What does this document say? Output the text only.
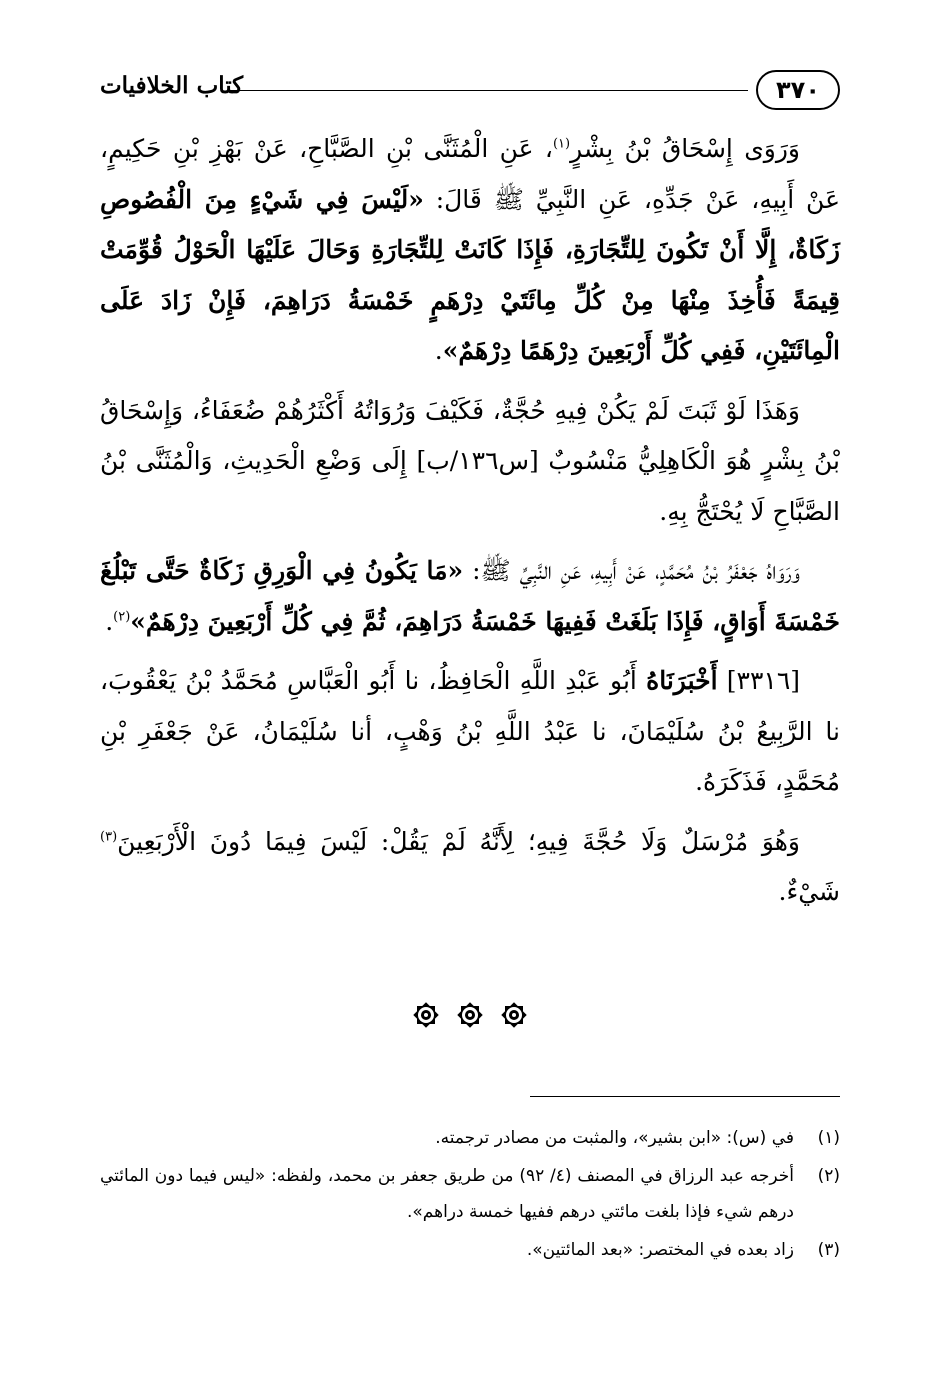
٣٧٠
كتاب الخلافيات

وَرَوَى إِسْحَاقُ بْنُ بِشْرٍ$^{(١)}$، عَنِ الْمُثَنَّى بْنِ الصَّبَّاحِ، عَنْ بَهْزِ بْنِ حَكِيمٍ، عَنْ أَبِيهِ، عَنْ جَدِّهِ، عَنِ النَّبِيِّ ﷺ قَالَ: «لَيْسَ فِي شَيْءٍ مِنَ الْفُصُوصِ زَكَاةٌ، إِلَّا أَنْ تَكُونَ لِلتِّجَارَةِ، فَإِذَا كَانَتْ لِلتِّجَارَةِ وَحَالَ عَلَيْهَا الْحَوْلُ قُوِّمَتْ قِيمَةً فَأُخِذَ مِنْهَا مِنْ كُلِّ مِائَتَيْ دِرْهَمٍ خَمْسَةُ دَرَاهِمَ، فَإِنْ زَادَ عَلَى الْمِائَتَيْنِ، فَفِي كُلِّ أَرْبَعِينَ دِرْهَمًا دِرْهَمٌ».

وَهَذَا لَوْ ثَبَتَ لَمْ يَكُنْ فِيهِ حُجَّةٌ، فَكَيْفَ وَرُوَاتُهُ أَكْثَرُهُمْ ضُعَفَاءُ، وَإِسْحَاقُ بْنُ بِشْرٍ هُوَ الْكَاهِلِيُّ مَنْسُوبٌ [س١٣٦/ب] إِلَى وَضْعِ الْحَدِيثِ، وَالْمُثَنَّى بْنُ الصَّبَّاحِ لَا يُحْتَجُّ بِهِ.

وَرَوَاهُ جَعْفَرُ بْنُ مُحَمَّدٍ، عَنْ أَبِيهِ، عَنِ النَّبِيِّ ﷺ: «مَا يَكُونُ فِي الْوَرِقِ زَكَاةٌ حَتَّى تَبْلُغَ خَمْسَةَ أَوَاقٍ، فَإِذَا بَلَغَتْ فَفِيهَا خَمْسَةُ دَرَاهِمَ، ثُمَّ فِي كُلِّ أَرْبَعِينَ دِرْهَمٌ»$^{(٢)}$.

[٣٣١٦] أَخْبَرَنَاهُ أَبُو عَبْدِ اللَّهِ الْحَافِظُ، نا أَبُو الْعَبَّاسِ مُحَمَّدُ بْنُ يَعْقُوبَ، نا الرَّبِيعُ بْنُ سُلَيْمَانَ، نا عَبْدُ اللَّهِ بْنُ وَهْبٍ، أنا سُلَيْمَانُ، عَنْ جَعْفَرِ بْنِ مُحَمَّدٍ، فَذَكَرَهُ.

وَهُوَ مُرْسَلٌ وَلَا حُجَّةَ فِيهِ؛ لِأَنَّهُ لَمْ يَقُلْ: لَيْسَ فِيمَا دُونَ الْأَرْبَعِينَ$^{(٣)}$ شَيْءٌ.

(١)
في (س): «ابن بشير»، والمثبت من مصادر ترجمته.
(٢)
أخرجه عبد الرزاق في المصنف (٤/ ٩٢) من طريق جعفر بن محمد، ولفظه: «ليس فيما دون المائتي درهم شيء فإذا بلغت مائتي درهم ففيها خمسة دراهم».
(٣)
زاد بعده في المختصر: «بعد المائتين».
